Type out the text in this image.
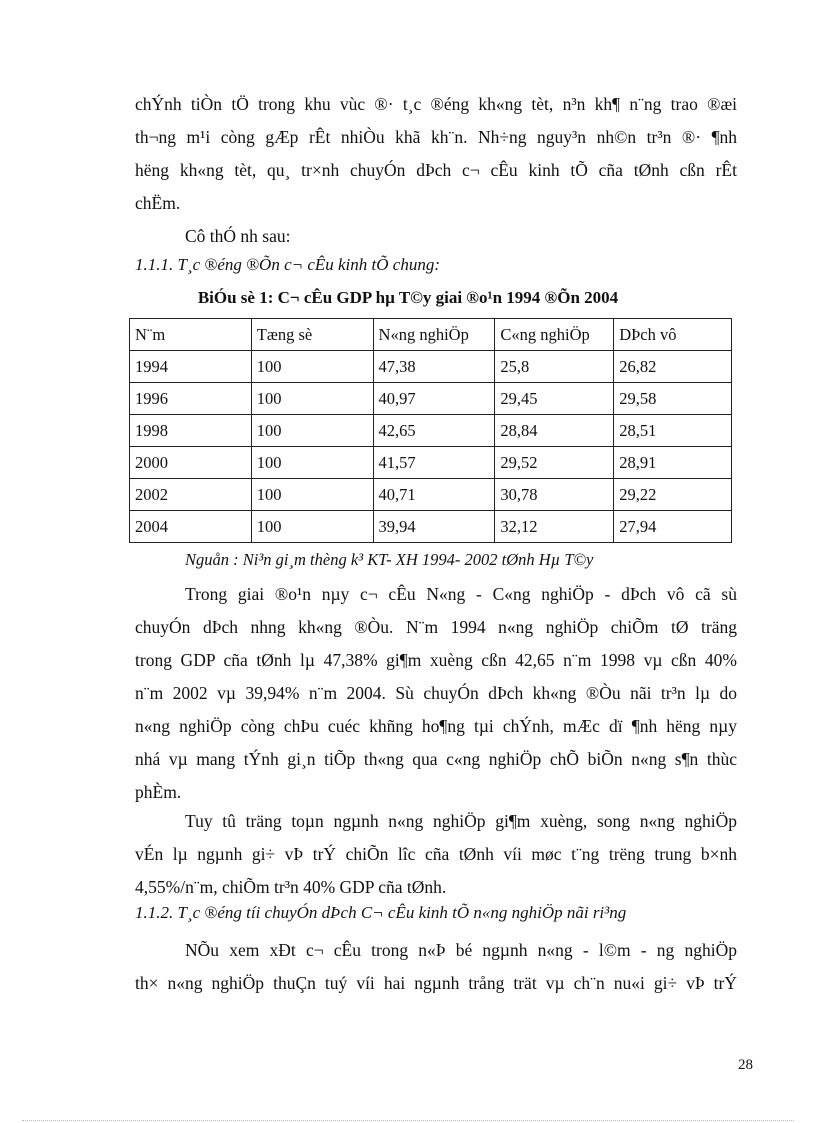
chÝnh tiÒn tÖ trong khu vùc ®· t¸c ®éng kh«ng tèt, n³n kh¶ n¨ng trao ®æi
th¬ng m¹i còng gÆp rÊt nhiÒu khã kh¨n. Nh÷ng nguy³n nh©n tr³n ®· ¶nh
hëng kh«ng tèt, qu¸ tr×nh chuyÓn dÞch c¬ cÊu kinh tÕ cña tØnh cßn rÊt
chËm.
Cô thÓ nh sau:
1.1.1. T¸c ®éng ®Õn c¬ cÊu kinh tÕ chung:
BiÓu sè 1: C¬ cÊu GDP hµ T©y giai ®o¹n 1994 ®Õn 2004
N¨m	Tæng sè	N«ng nghiÖp	C«ng nghiÖp	DÞch vô
1994	100	47,38	25,8	26,82
1996	100	40,97	29,45	29,58
1998	100	42,65	28,84	28,51
2000	100	41,57	29,52	28,91
2002	100	40,71	30,78	29,22
2004	100	39,94	32,12	27,94
Nguån : Ni³n gi¸m thèng k³ KT- XH 1994- 2002 tØnh Hµ T©y
Trong giai ®o¹n nµy c¬ cÊu N«ng - C«ng nghiÖp - dÞch vô cã sù
chuyÓn dÞch nhng kh«ng ®Òu. N¨m 1994 n«ng nghiÖp chiÕm tØ träng
trong GDP cña tØnh lµ 47,38% gi¶m xuèng cßn 42,65 n¨m 1998 vµ cßn 40%
n¨m 2002 vµ 39,94% n¨m 2004. Sù chuyÓn dÞch kh«ng ®Òu nãi tr³n lµ do
n«ng nghiÖp còng chÞu cuéc khñng ho¶ng tµi chÝnh, mÆc dï ¶nh hëng nµy
nhá vµ mang tÝnh gi¸n tiÕp th«ng qua c«ng nghiÖp chÕ biÕn n«ng s¶n thùc
phÈm.
Tuy tû träng toµn ngµnh n«ng nghiÖp gi¶m xuèng, song n«ng nghiÖp
vÉn lµ ngµnh gi÷ vÞ trÝ chiÕn lîc cña tØnh víi møc t¨ng trëng trung b×nh
4,55%/n¨m, chiÕm tr³n 40% GDP cña tØnh.
1.1.2. T¸c ®éng tíi chuyÓn dÞch C¬ cÊu kinh tÕ n«ng nghiÖp nãi ri³ng
NÕu xem xÐt c¬ cÊu trong n«Þ bé ngµnh n«ng - l©m - ng nghiÖp
th× n«ng nghiÖp thuÇn tuý víi hai ngµnh trång trät vµ ch¨n nu«i gi÷ vÞ trÝ
28
